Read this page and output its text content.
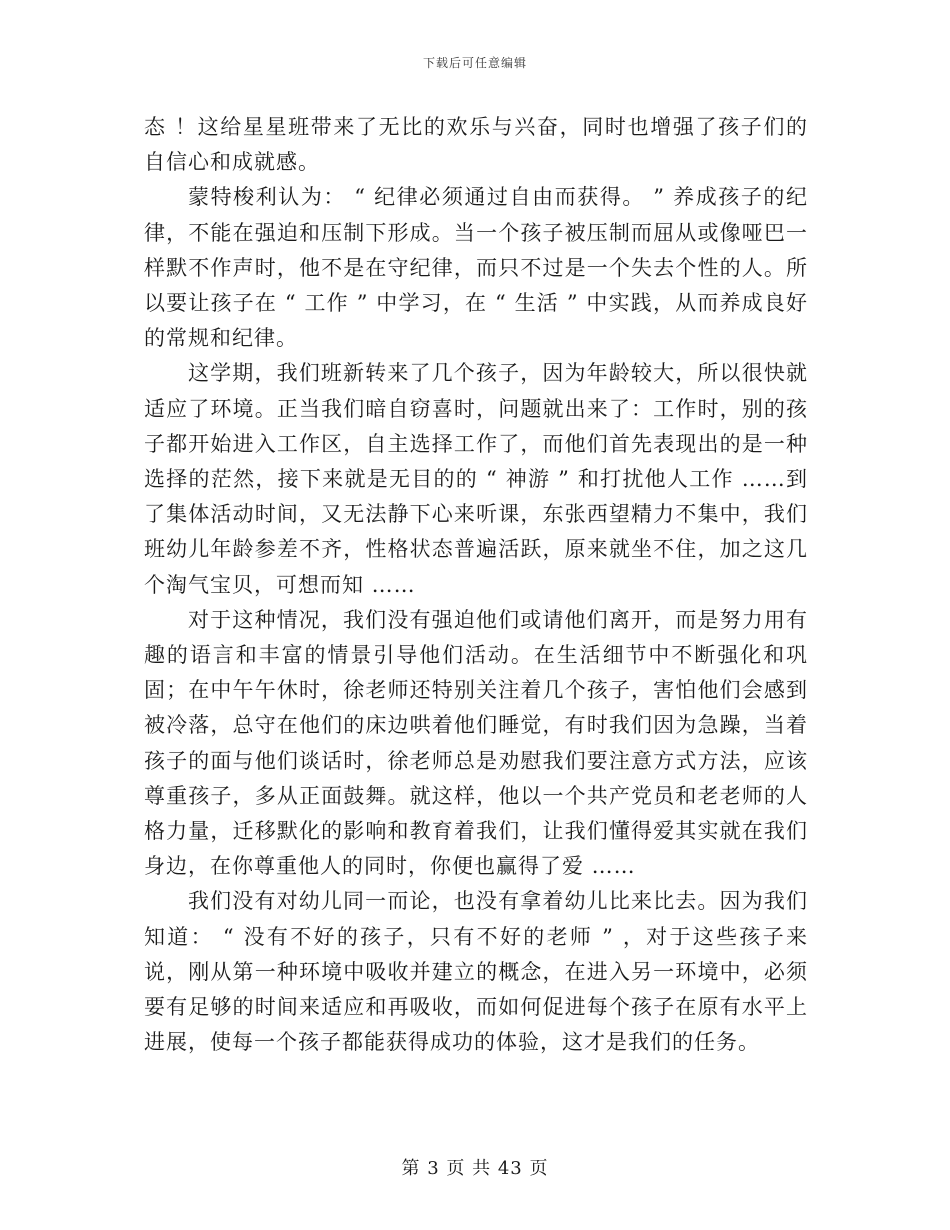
下载后可任意编辑

态 ！这给星星班带来了无比的欢乐与兴奋，同时也增强了孩子们的自信心和成就感。

蒙特梭利认为： “ 纪律必须通过自由而获得。 ” 养成孩子的纪律，不能在强迫和压制下形成。当一个孩子被压制而屈从或像哑巴一样默不作声时，他不是在守纪律，而只不过是一个失去个性的人。所以要让孩子在 “ 工作 ” 中学习，在 “ 生活 ” 中实践，从而养成良好的常规和纪律。

这学期，我们班新转来了几个孩子，因为年龄较大，所以很快就适应了环境。正当我们暗自窃喜时，问题就出来了：工作时，别的孩子都开始进入工作区，自主选择工作了，而他们首先表现出的是一种选择的茫然，接下来就是无目的的 “ 神游 ” 和打扰他人工作 ……到了集体活动时间，又无法静下心来听课，东张西望精力不集中，我们班幼儿年龄参差不齐，性格状态普遍活跃，原来就坐不住，加之这几个淘气宝贝，可想而知 ……

对于这种情况，我们没有强迫他们或请他们离开，而是努力用有趣的语言和丰富的情景引导他们活动。在生活细节中不断强化和巩固；在中午午休时，徐老师还特别关注着几个孩子，害怕他们会感到被冷落，总守在他们的床边哄着他们睡觉，有时我们因为急躁，当着孩子的面与他们谈话时，徐老师总是劝慰我们要注意方式方法，应该尊重孩子，多从正面鼓舞。就这样，他以一个共产党员和老老师的人格力量，迁移默化的影响和教育着我们，让我们懂得爱其实就在我们身边，在你尊重他人的同时，你便也赢得了爱 ……

我们没有对幼儿同一而论，也没有拿着幼儿比来比去。因为我们知道： “ 没有不好的孩子，只有不好的老师 ” ，对于这些孩子来说，刚从第一种环境中吸收并建立的概念，在进入另一环境中，必须要有足够的时间来适应和再吸收，而如何促进每个孩子在原有水平上进展，使每一个孩子都能获得成功的体验，这才是我们的任务。

第 3 页 共 43 页
